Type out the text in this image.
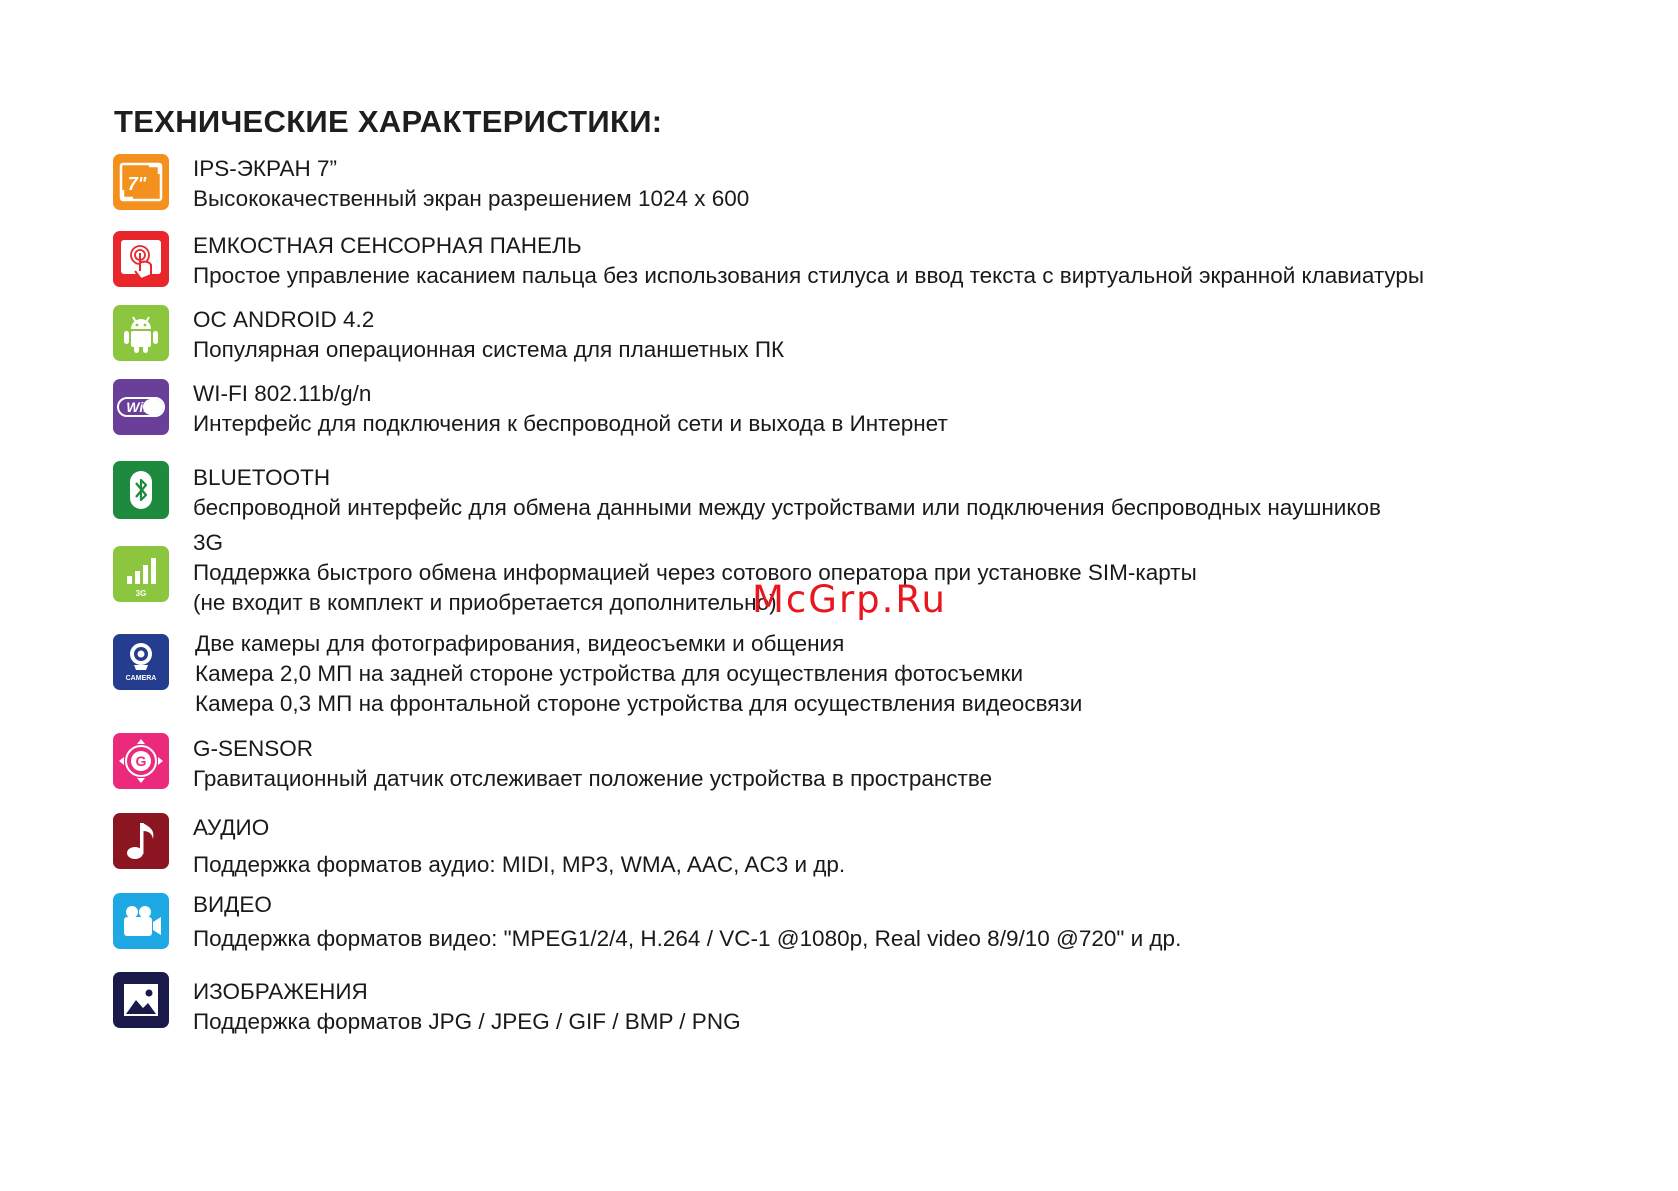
ТЕХНИЧЕСКИЕ ХАРАКТЕРИСТИКИ:
7"
IPS-ЭКРАН 7”
Высококачественный экран разрешением 1024 х 600
ЕМКОСТНАЯ СЕНСОРНАЯ ПАНЕЛЬ
Простое управление касанием пальца без использования стилуса и ввод текста с виртуальной экранной клавиатуры
ОС ANDROID 4.2
Популярная операционная система для планшетных ПК
WiFi
WI-FI 802.11b/g/n
Интерфейс для подключения к беспроводной сети и выхода в Интернет
BLUETOOTH
беспроводной интерфейс для обмена данными между устройствами или подключения беспроводных наушников
3G
3G
Поддержка быстрого обмена информацией через сотового оператора при установке SIM-карты
(не входит в комплект и приобретается дополнительно)
CAMERA
Две камеры для фотографирования, видеосъемки и общения
Камера 2,0 МП на задней стороне устройства для осуществления фотосъемки
Камера 0,3 МП на фронтальной стороне устройства для осуществления видеосвязи
G G-SENSOR
Гравитационный датчик отслеживает положение устройства в пространстве
АУДИО
Поддержка форматов аудио: MIDI, MP3, WMA, AAC, AC3 и др.
ВИДЕО
Поддержка форматов видео: "MPEG1/2/4, H.264 / VC-1 @1080p, Real video 8/9/10 @720" и др.
ИЗОБРАЖЕНИЯ
Поддержка форматов JPG / JPEG / GIF / BMP / PNG
McGrp.Ru
